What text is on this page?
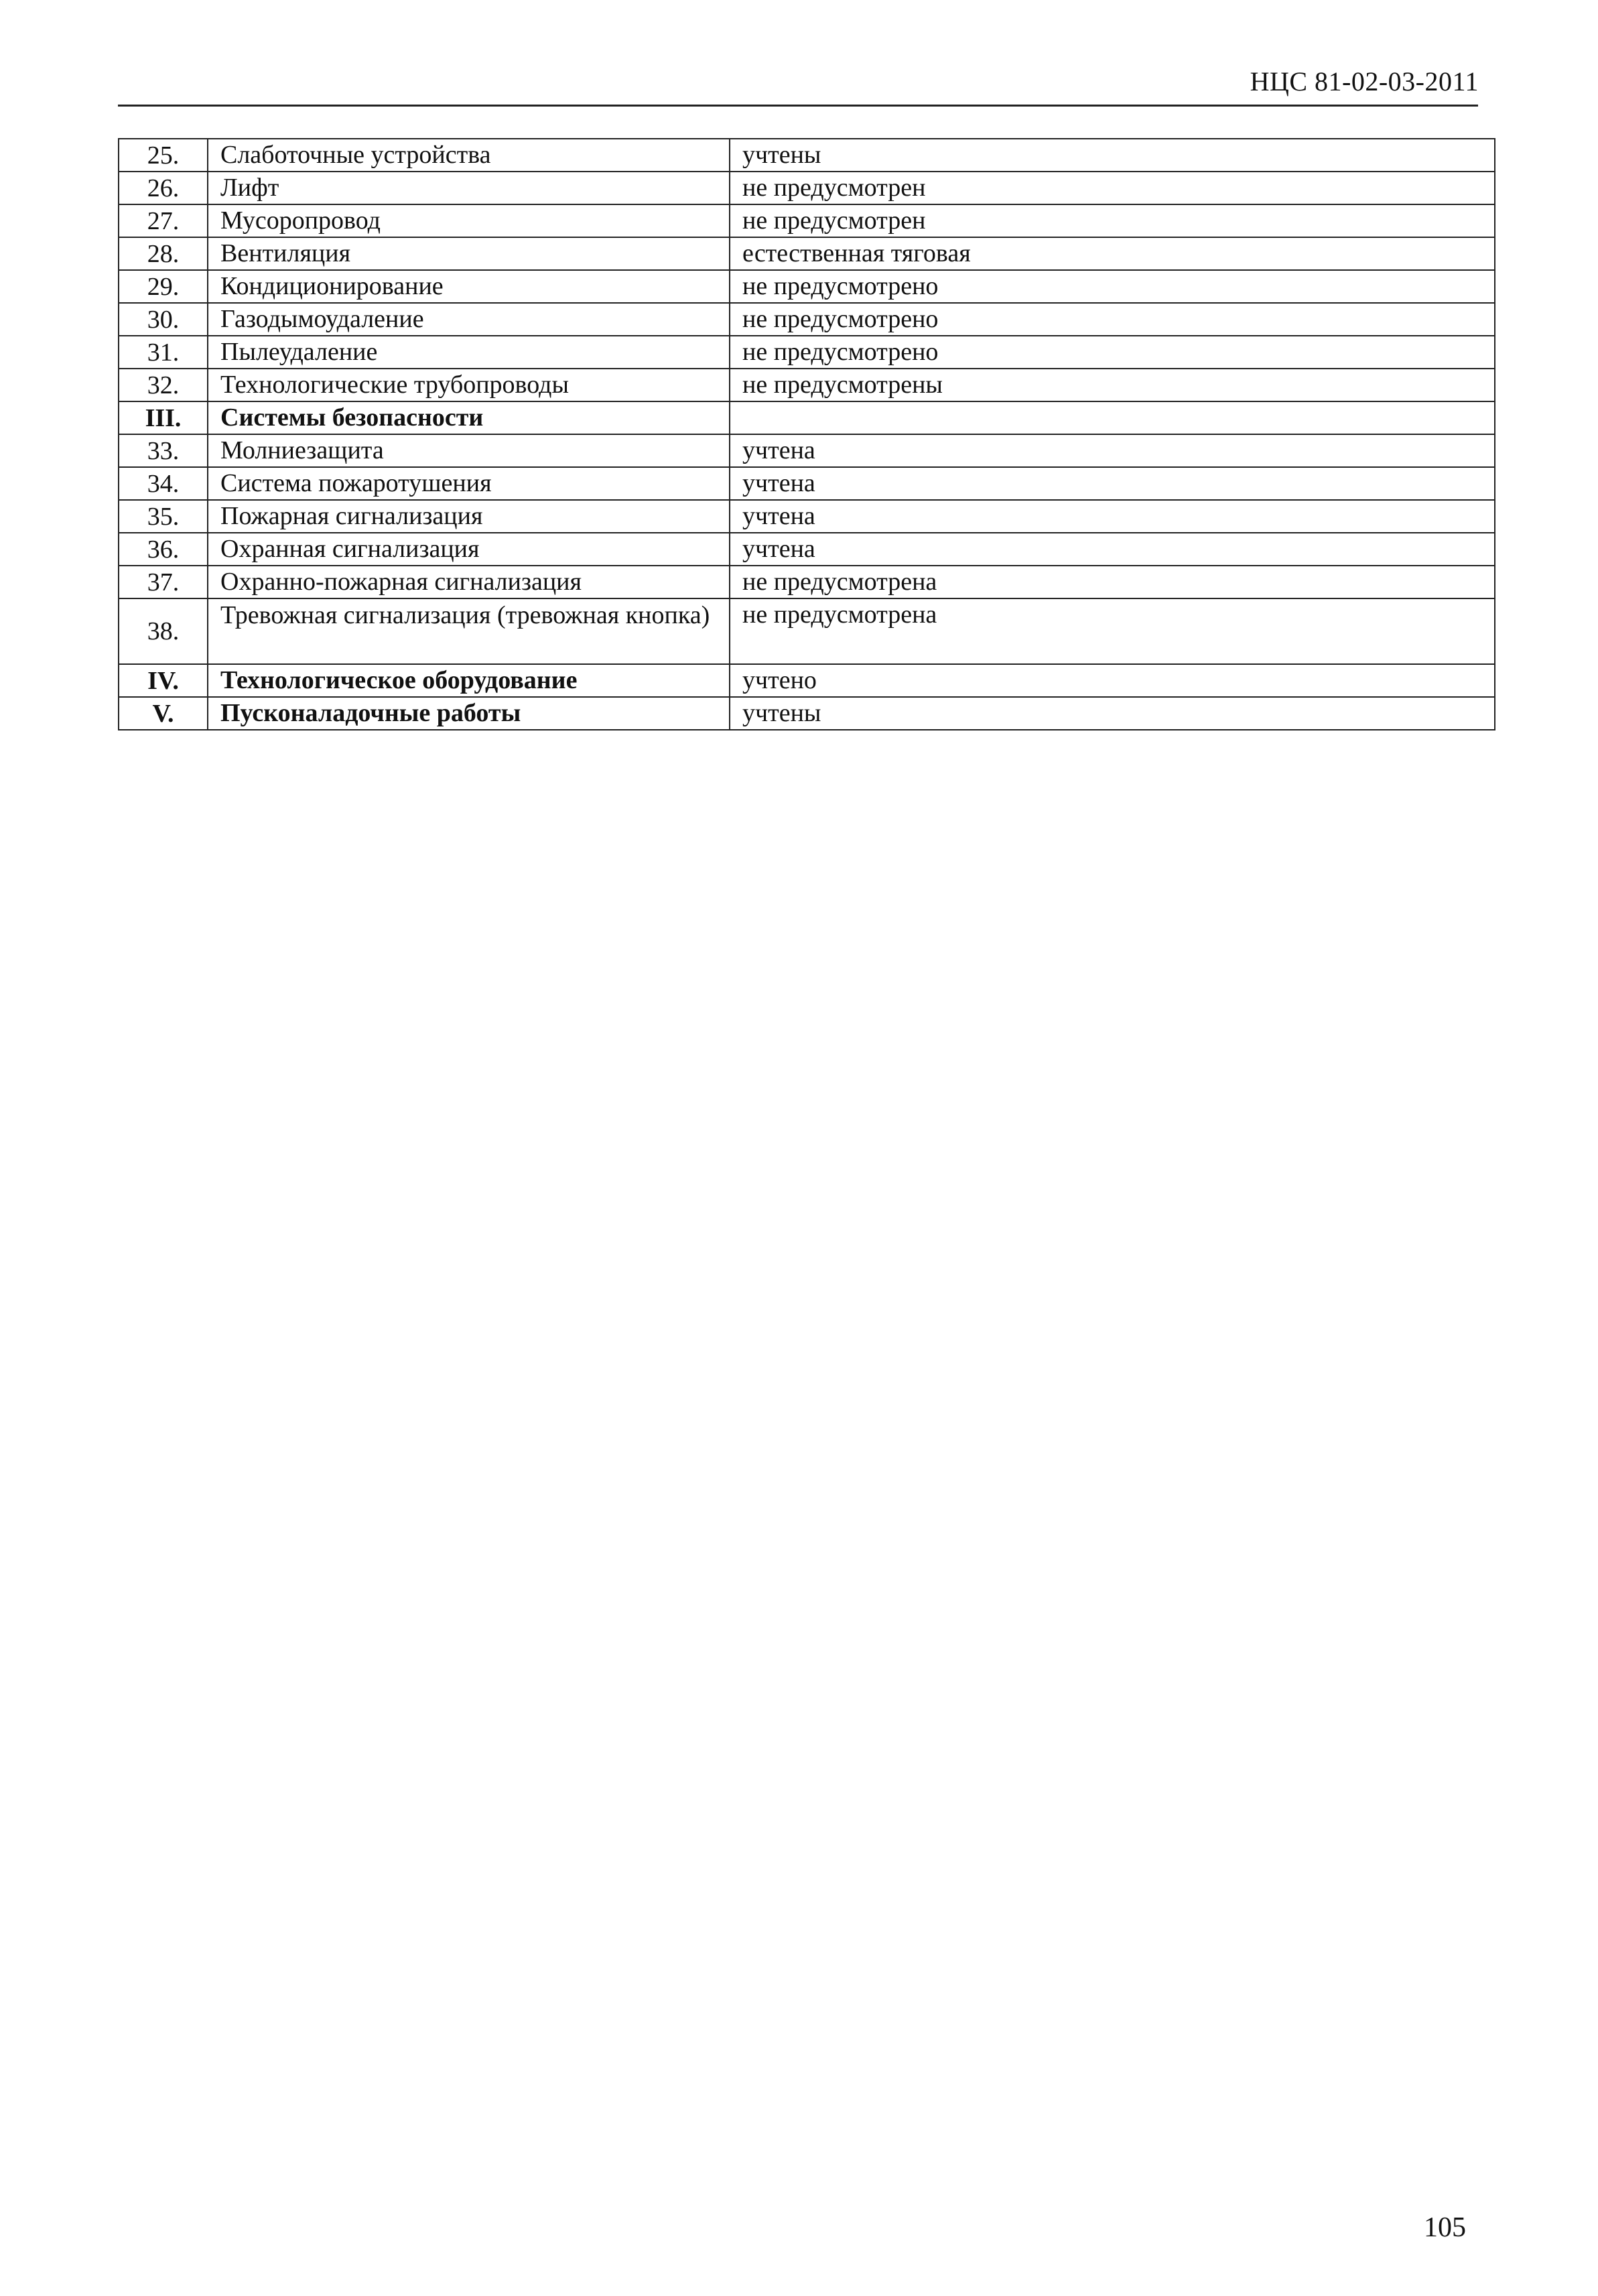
НЦС 81-02-03-2011
25.	Слаботочные устройства	учтены
26.	Лифт	не предусмотрен
27.	Мусоропровод	не предусмотрен
28.	Вентиляция	естественная тяговая
29.	Кондиционирование	не предусмотрено
30.	Газодымоудаление	не предусмотрено
31.	Пылеудаление	не предусмотрено
32.	Технологические трубопроводы	не предусмотрены
III.	Системы безопасности	
33.	Молниезащита	учтена
34.	Система пожаротушения	учтена
35.	Пожарная сигнализация	учтена
36.	Охранная сигнализация	учтена
37.	Охранно-пожарная сигнализация	не предусмотрена
38.	Тревожная сигнализация (тревожная кнопка)	не предусмотрена
IV.	Технологическое оборудование	учтено
V.	Пусконаладочные работы	учтены
105
